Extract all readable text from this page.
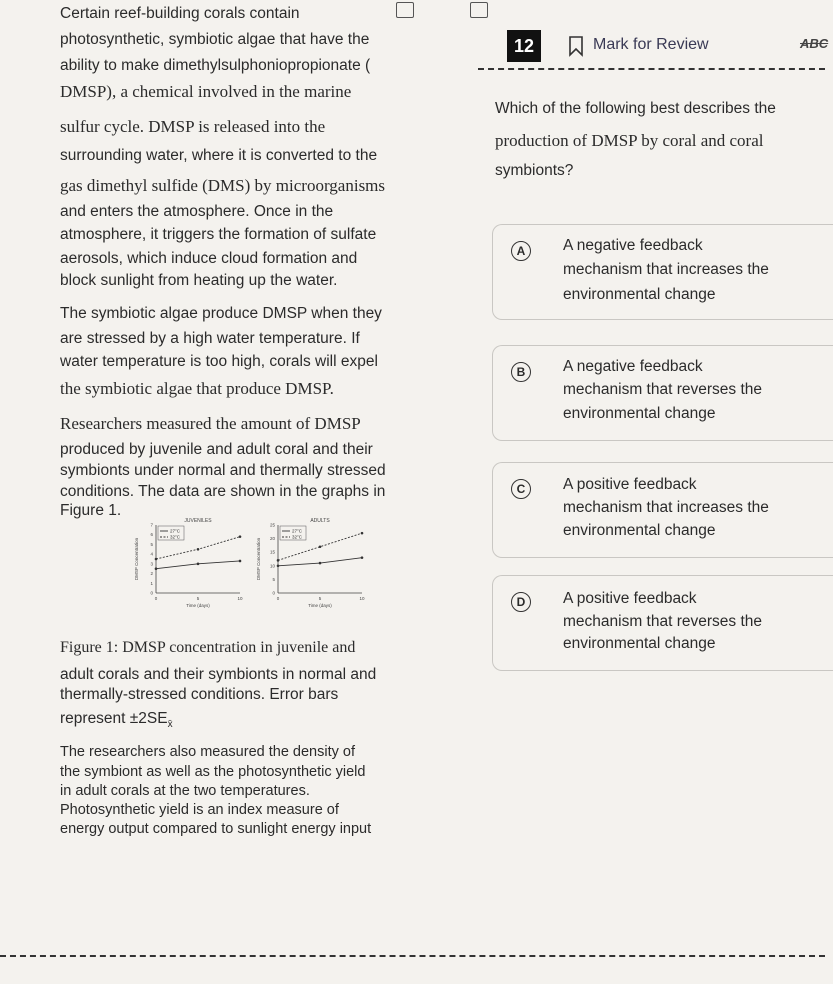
Certain reef-building corals contain
photosynthetic, symbiotic algae that have the
ability to make dimethylsulphoniopropionate (
DMSP), a chemical involved in the marine
sulfur cycle. DMSP is released into the
surrounding water, where it is converted to the
gas dimethyl sulfide (DMS) by microorganisms
and enters the atmosphere. Once in the
atmosphere, it triggers the formation of sulfate
aerosols, which induce cloud formation and
block sunlight from heating up the water.
The symbiotic algae produce DMSP when they
are stressed by a high water temperature. If
water temperature is too high, corals will expel
the symbiotic algae that produce DMSP.
Researchers measured the amount of DMSP
produced by juvenile and adult coral and their
symbionts under normal and thermally stressed
conditions. The data are shown in the graphs in
Figure 1.
Figure 1: DMSP concentration in juvenile and
adult corals and their symbionts in normal and
thermally-stressed conditions. Error bars
represent $\pm 2SE_{x̄}$
The researchers also measured the density of
the symbiont as well as the photosynthetic yield
in adult corals at the two temperatures.
Photosynthetic yield is an index measure of
energy output compared to sunlight energy input
JUVENILES
0
1
2
3
4
5
6
7
0	5	10
Time (days)
DMSP Concentration
27°C
32°C
ADULTS
0
5
10
15
20
25
0	5	10
Time (days)
DMSP Concentration
27°C
32°C
12	Mark for Review	ABC
Which of the following best describes the
production of DMSP by coral and coral
symbionts?
A	A negative feedback
mechanism that increases the
environmental change
B	A negative feedback
mechanism that reverses the
environmental change
C	A positive feedback
mechanism that increases the
environmental change
D	A positive feedback
mechanism that reverses the
environmental change
